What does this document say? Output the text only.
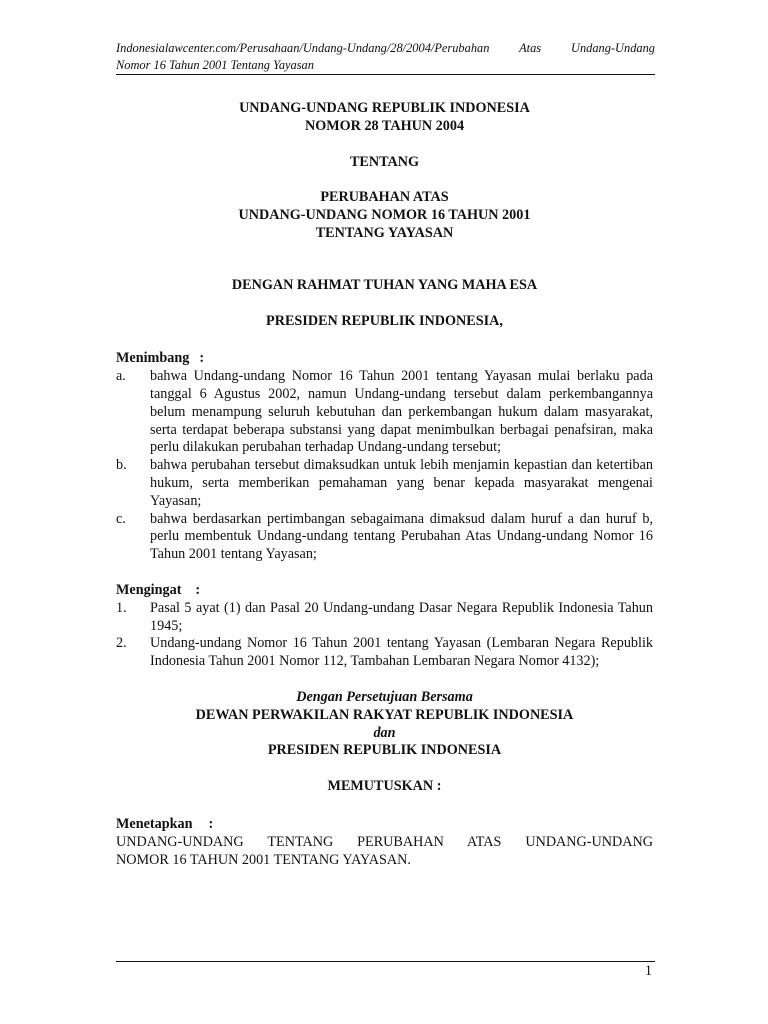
Indonesialawcenter.com/Perusahaan/Undang-Undang/28/2004/Perubahan Atas Undang-Undang
Nomor 16 Tahun 2001 Tentang Yayasan
UNDANG-UNDANG REPUBLIK INDONESIA
NOMOR 28 TAHUN 2004
TENTANG
PERUBAHAN ATAS
UNDANG-UNDANG NOMOR 16 TAHUN 2001
TENTANG YAYASAN
DENGAN RAHMAT TUHAN YANG MAHA ESA
PRESIDEN REPUBLIK INDONESIA,
Menimbang :
a. bahwa Undang-undang Nomor 16 Tahun 2001 tentang Yayasan mulai berlaku pada tanggal 6 Agustus 2002, namun Undang-undang tersebut dalam perkembangannya belum menampung seluruh kebutuhan dan perkembangan hukum dalam masyarakat, serta terdapat beberapa substansi yang dapat menimbulkan berbagai penafsiran, maka perlu dilakukan perubahan terhadap Undang-undang tersebut;
b. bahwa perubahan tersebut dimaksudkan untuk lebih menjamin kepastian dan ketertiban hukum, serta memberikan pemahaman yang benar kepada masyarakat mengenai Yayasan;
c. bahwa berdasarkan pertimbangan sebagaimana dimaksud dalam huruf a dan huruf b, perlu membentuk Undang-undang tentang Perubahan Atas Undang-undang Nomor 16 Tahun 2001 tentang Yayasan;
Mengingat :
1. Pasal 5 ayat (1) dan Pasal 20 Undang-undang Dasar Negara Republik Indonesia Tahun 1945;
2. Undang-undang Nomor 16 Tahun 2001 tentang Yayasan (Lembaran Negara Republik Indonesia Tahun 2001 Nomor 112, Tambahan Lembaran Negara Nomor 4132);
Dengan Persetujuan Bersama
DEWAN PERWAKILAN RAKYAT REPUBLIK INDONESIA
dan
PRESIDEN REPUBLIK INDONESIA
MEMUTUSKAN :
Menetapkan :
UNDANG-UNDANG TENTANG PERUBAHAN ATAS UNDANG-UNDANG
NOMOR 16 TAHUN 2001 TENTANG YAYASAN.
1
